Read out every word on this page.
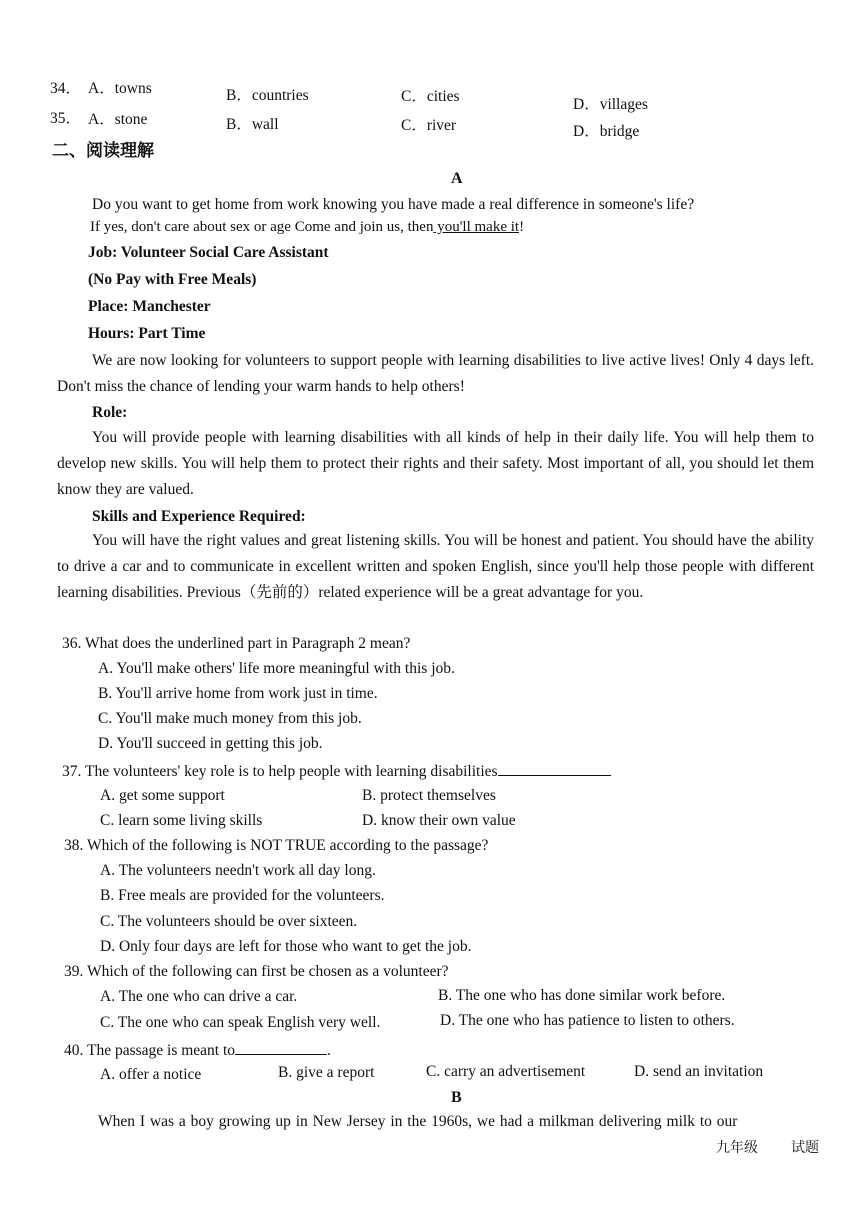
34． A．towns	B．countries	C．cities	D．villages
35． A．stone	B．wall	C．river	D．bridge
二、阅读理解
A
Do you want to get home from work knowing you have made a real difference in someone's life?
If yes, don't care about sex or age Come and join us, then you'll make it!
Job: Volunteer Social Care Assistant
(No Pay with Free Meals)
Place: Manchester
Hours: Part Time
We are now looking for volunteers to support people with learning disabilities to live active lives! Only 4 days left. Don't miss the chance of lending your warm hands to help others!
Role:
You will provide people with learning disabilities with all kinds of help in their daily life. You will help them to develop new skills. You will help them to protect their rights and their safety. Most important of all, you should let them know they are valued.
Skills and Experience Required:
You will have the right values and great listening skills. You will be honest and patient. You should have the ability to drive a car and to communicate in excellent written and spoken English, since you'll help those people with different learning disabilities. Previous（先前的）related experience will be a great advantage for you.
36. What does the underlined part in Paragraph 2 mean?
A. You'll make others' life more meaningful with this job.
B. You'll arrive home from work just in time.
C. You'll make much money from this job.
D. You'll succeed in getting this job.
37. The volunteers' key role is to help people with learning disabilities
A. get some support	B. protect themselves
C. learn some living skills	D. know their own value
38. Which of the following is NOT TRUE according to the passage?
A. The volunteers needn't work all day long.
B. Free meals are provided for the volunteers.
C. The volunteers should be over sixteen.
D. Only four days are left for those who want to get the job.
39. Which of the following can first be chosen as a volunteer?
A. The one who can drive a car.	B. The one who has done similar work before.
C. The one who can speak English very well.	D. The one who has patience to listen to others.
40. The passage is meant to	.
A. offer a notice	B. give a report	C. carry an advertisement	D. send an invitation
B
When I was a boy growing up in New Jersey in the 1960s, we had a milkman delivering milk to our
九年级 试题
